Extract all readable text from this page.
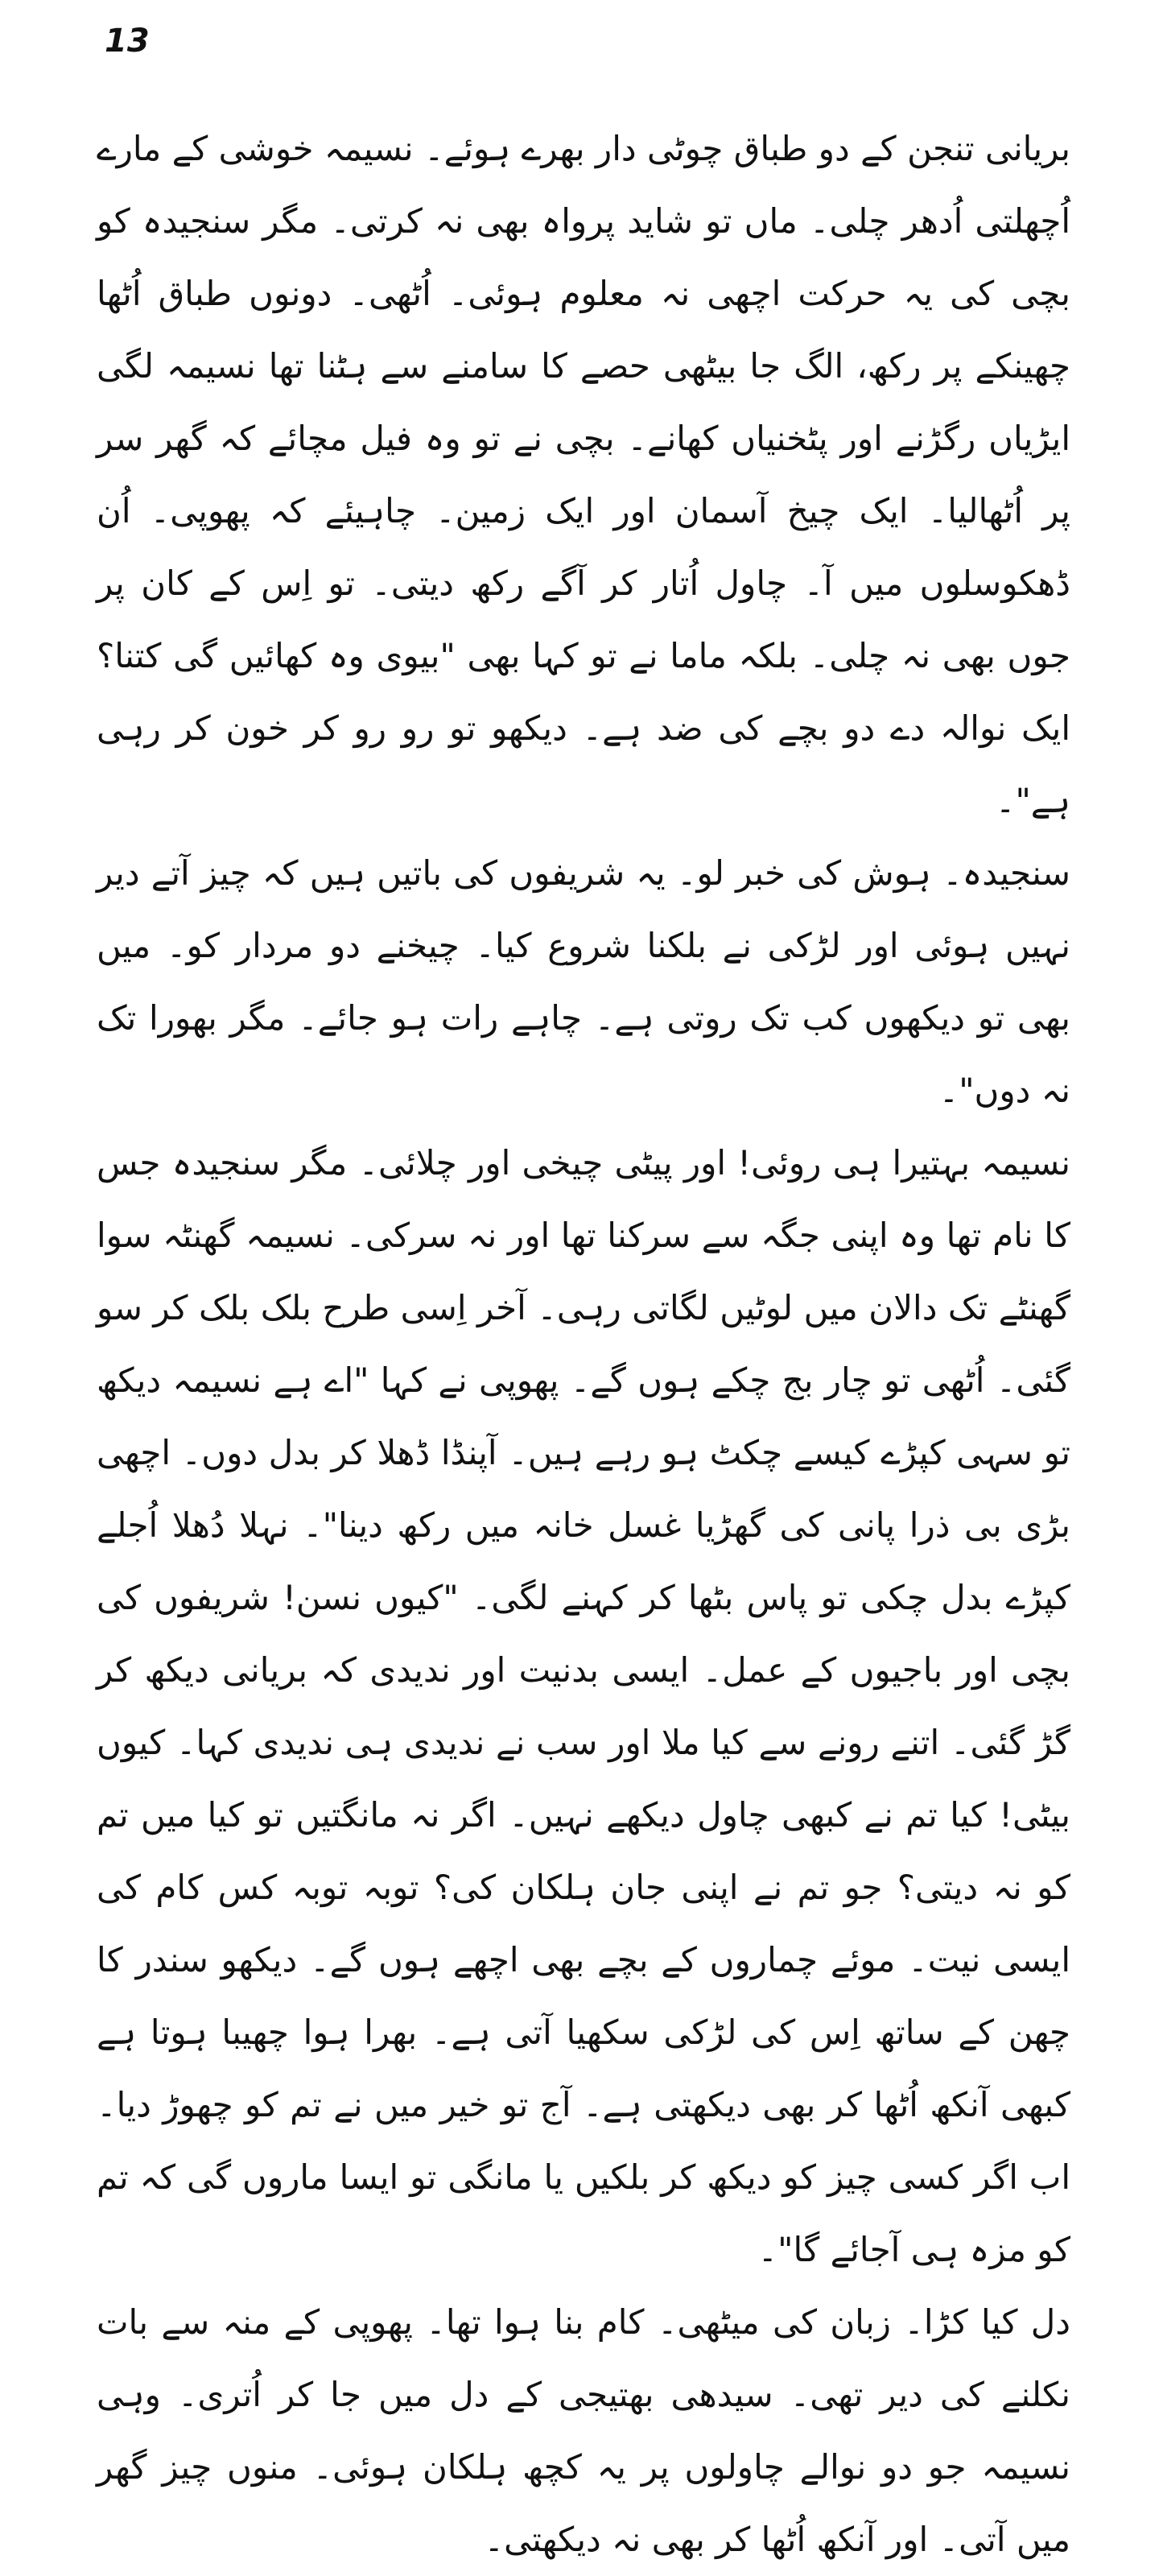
13

بریانی تنجن کے دو طباق چوٹی دار بھرے ہوئے۔ نسیمہ خوشی کے مارے اُچھلتی اُدھر چلی۔ ماں تو شاید پرواہ بھی نہ کرتی۔ مگر سنجیدہ کو بچی کی یہ حرکت اچھی نہ معلوم ہوئی۔ اُٹھی۔ دونوں طباق اُٹھا چھینکے پر رکھ، الگ جا بیٹھی حصے کا سامنے سے ہٹنا تھا نسیمہ لگی ایڑیاں رگڑنے اور پٹخنیاں کھانے۔ بچی نے تو وہ فیل مچائے کہ گھر سر پر اُٹھالیا۔ ایک چیخ آسمان اور ایک زمین۔ چاہیئے کہ پھوپی۔ اُن ڈھکوسلوں میں آ۔ چاول اُتار کر آگے رکھ دیتی۔ تو اِس کے کان پر جوں بھی نہ چلی۔ بلکہ ماما نے تو کہا بھی "بیوی وہ کھائیں گی کتنا؟ ایک نوالہ دے دو بچے کی ضد ہے۔ دیکھو تو رو رو کر خون کر رہی ہے"۔

سنجیدہ۔ ہوش کی خبر لو۔ یہ شریفوں کی باتیں ہیں کہ چیز آتے دیر نہیں ہوئی اور لڑکی نے بلکنا شروع کیا۔ چیخنے دو مردار کو۔ میں بھی تو دیکھوں کب تک روتی ہے۔ چاہے رات ہو جائے۔ مگر بھورا تک نہ دوں"۔

نسیمہ بہتیرا ہی روئی! اور پیٹی چیخی اور چلائی۔ مگر سنجیدہ جس کا نام تھا وہ اپنی جگہ سے سرکنا تھا اور نہ سرکی۔ نسیمہ گھنٹہ سوا گھنٹے تک دالان میں لوٹیں لگاتی رہی۔ آخر اِسی طرح بلک بلک کر سو گئی۔ اُٹھی تو چار بج چکے ہوں گے۔ پھوپی نے کہا "اے ہے نسیمہ دیکھ تو سہی کپڑے کیسے چکٹ ہو رہے ہیں۔ آپنڈا ڈھلا کر بدل دوں۔ اچھی بڑی بی ذرا پانی کی گھڑیا غسل خانہ میں رکھ دینا"۔ نہلا دُھلا اُجلے کپڑے بدل چکی تو پاس بٹھا کر کہنے لگی۔ "کیوں نسن! شریفوں کی بچی اور باجیوں کے عمل۔ ایسی بدنیت اور ندیدی کہ بریانی دیکھ کر گڑ گئی۔ اتنے رونے سے کیا ملا اور سب نے ندیدی ہی ندیدی کہا۔ کیوں بیٹی! کیا تم نے کبھی چاول دیکھے نہیں۔ اگر نہ مانگتیں تو کیا میں تم کو نہ دیتی؟ جو تم نے اپنی جان ہلکان کی؟ توبہ توبہ کس کام کی ایسی نیت۔ موئے چماروں کے بچے بھی اچھے ہوں گے۔ دیکھو سندر کا چھن کے ساتھ اِس کی لڑکی سکھیا آتی ہے۔ بھرا ہوا چھیبا ہوتا ہے کبھی آنکھ اُٹھا کر بھی دیکھتی ہے۔ آج تو خیر میں نے تم کو چھوڑ دیا۔ اب اگر کسی چیز کو دیکھ کر بلکیں یا مانگی تو ایسا ماروں گی کہ تم کو مزہ ہی آجائے گا"۔

دل کیا کڑا۔ زبان کی میٹھی۔ کام بنا ہوا تھا۔ پھوپی کے منہ سے بات نکلنے کی دیر تھی۔ سیدھی بھتیجی کے دل میں جا کر اُتری۔ وہی نسیمہ جو دو نوالے چاولوں پر یہ کچھ ہلکان ہوئی۔ منوں چیز گھر میں آتی۔ اور آنکھ اُٹھا کر بھی نہ دیکھتی۔
